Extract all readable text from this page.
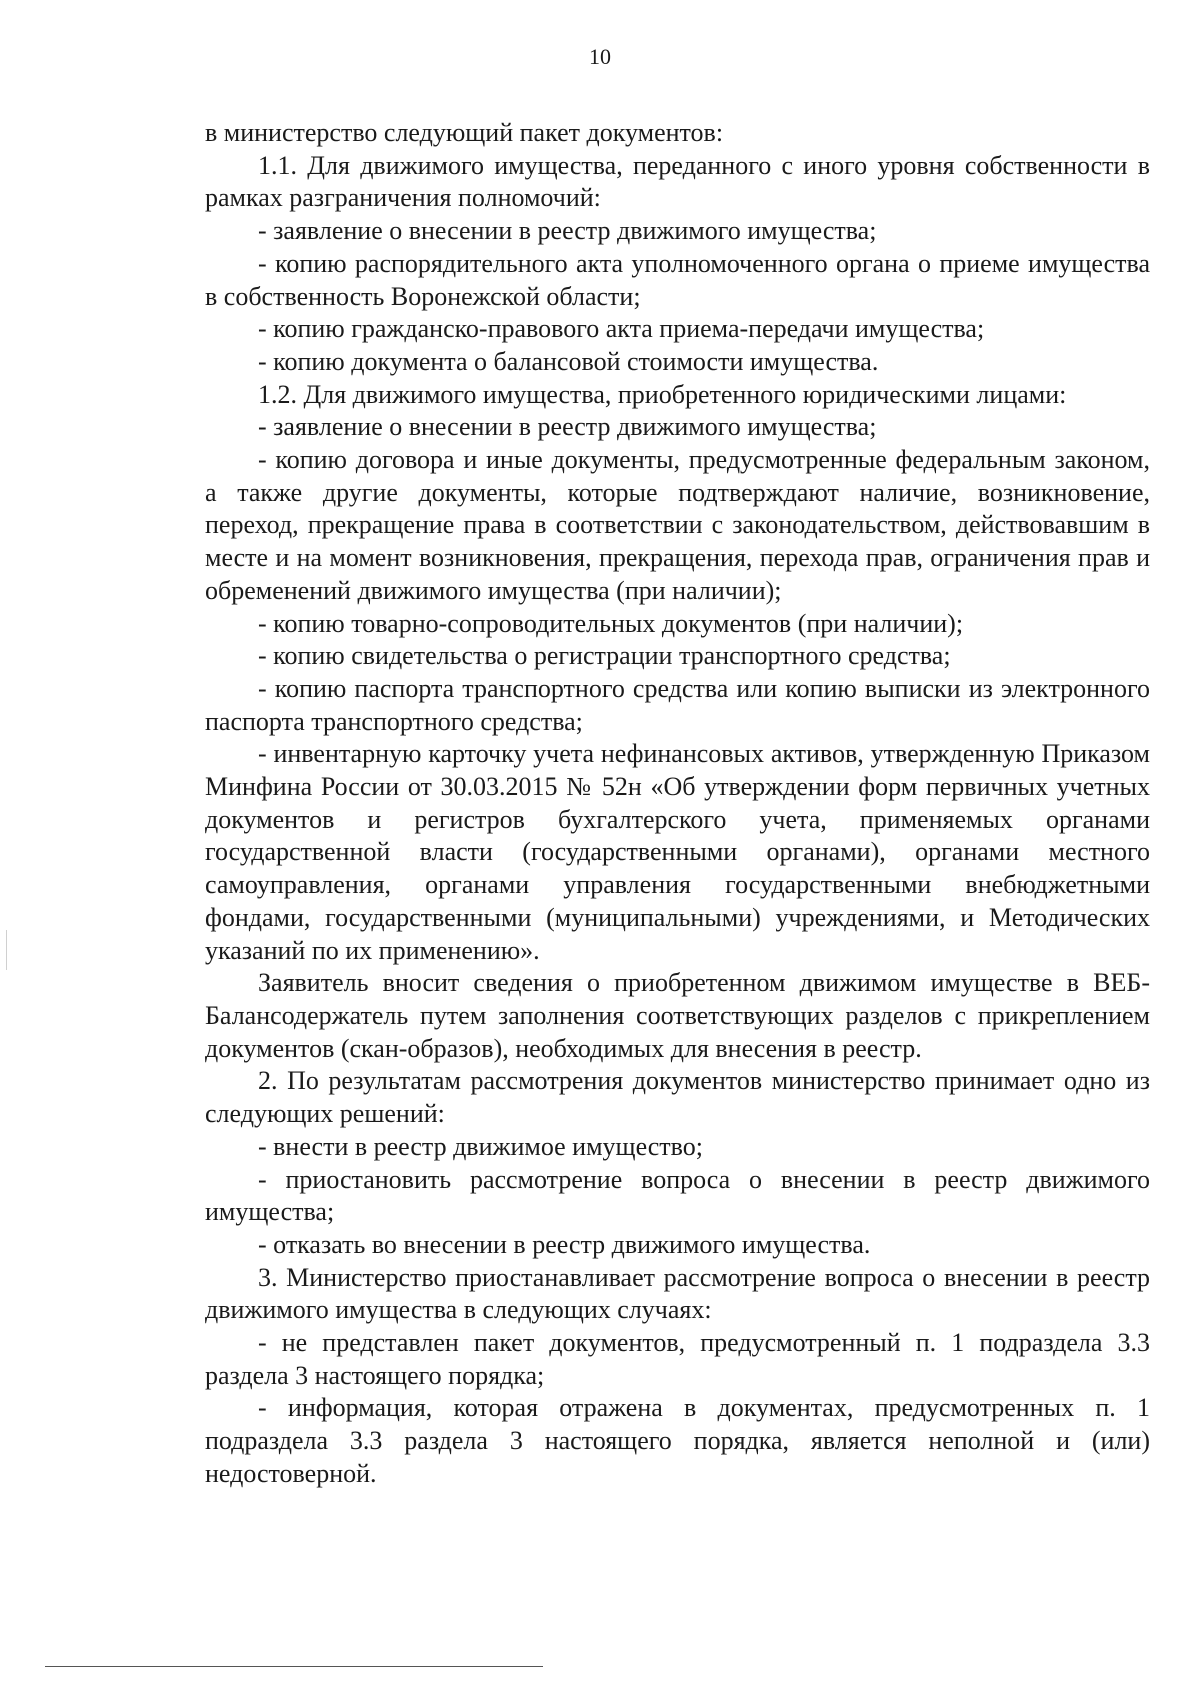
10

в министерство следующий пакет документов:

1.1. Для движимого имущества, переданного с иного уровня собственности в рамках разграничения полномочий:

- заявление о внесении в реестр движимого имущества;

- копию распорядительного акта уполномоченного органа о приеме имущества в собственность Воронежской области;

- копию гражданско-правового акта приема-передачи имущества;

- копию документа о балансовой стоимости имущества.

1.2. Для движимого имущества, приобретенного юридическими лицами:

- заявление о внесении в реестр движимого имущества;

- копию договора и иные документы, предусмотренные федеральным законом, а также другие документы, которые подтверждают наличие, возникновение, переход, прекращение права в соответствии с законодательством, действовавшим в месте и на момент возникновения, прекращения, перехода прав, ограничения прав и обременений движимого имущества (при наличии);

- копию товарно-сопроводительных документов (при наличии);

- копию свидетельства о регистрации транспортного средства;

- копию паспорта транспортного средства или копию выписки из электронного паспорта транспортного средства;

- инвентарную карточку учета нефинансовых активов, утвержденную Приказом Минфина России от 30.03.2015 № 52н «Об утверждении форм первичных учетных документов и регистров бухгалтерского учета, применяемых органами государственной власти (государственными органами), органами местного самоуправления, органами управления государственными внебюджетными фондами, государственными (муниципальными) учреждениями, и Методических указаний по их применению».

Заявитель вносит сведения о приобретенном движимом имуществе в ВЕБ-Балансодержатель путем заполнения соответствующих разделов с прикреплением документов (скан-образов), необходимых для внесения в реестр.

2. По результатам рассмотрения документов министерство принимает одно из следующих решений:

- внести в реестр движимое имущество;

- приостановить рассмотрение вопроса о внесении в реестр движимого имущества;

- отказать во внесении в реестр движимого имущества.

3. Министерство приостанавливает рассмотрение вопроса о внесении в реестр движимого имущества в следующих случаях:

- не представлен пакет документов, предусмотренный п. 1 подраздела 3.3 раздела 3 настоящего порядка;

- информация, которая отражена в документах, предусмотренных п. 1 подраздела 3.3 раздела 3 настоящего порядка, является неполной и (или) недостоверной.
